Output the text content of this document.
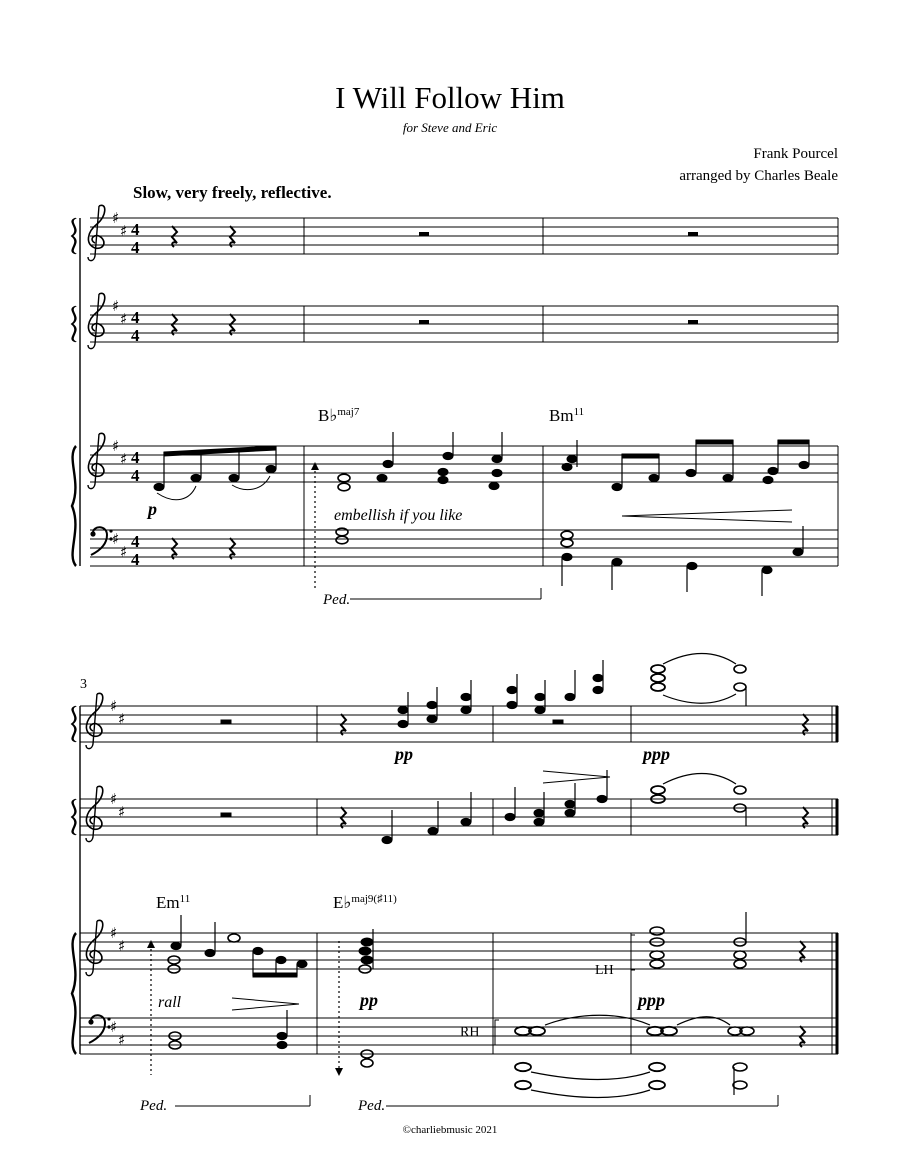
I Will Follow Him
for Steve and Eric
Frank Pourcel
arranged by Charles Beale
Slow, very freely, reflective.
♯
♯
♯
♯
♯
♯
♯
♯
4
4
4
4
4
4
4
4
♯
♯
♯
♯
♯
♯
♯
♯
B♭$^{maj7}$	Bm$^{11}$
p	embellish if you like
Ped.
3
Em$^{11}$	E♭$^{maj9(♯11)}$
pp	ppp
pp	ppp
rall
LH
RH
Ped.	Ped.
©charliebmusic 2021
